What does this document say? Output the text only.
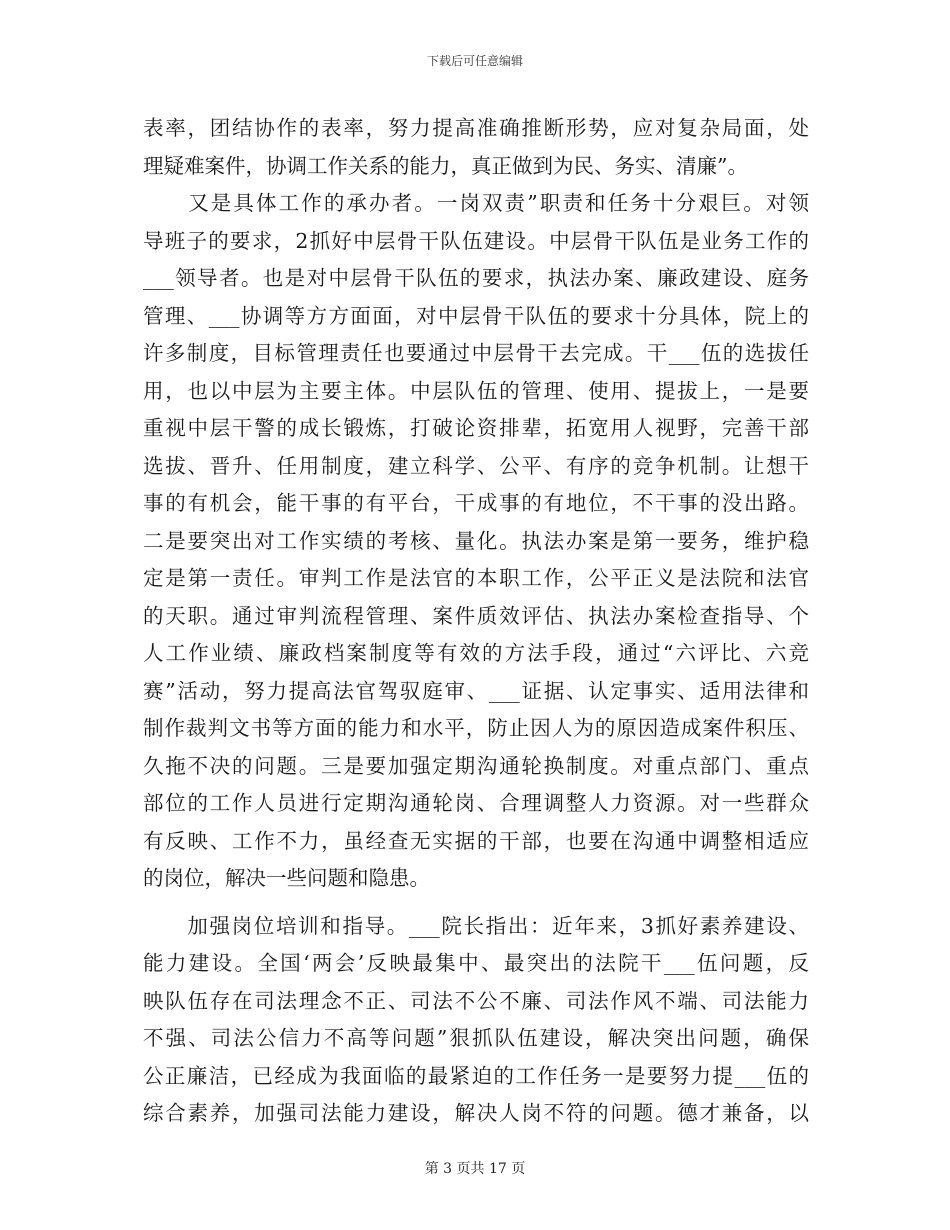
下载后可任意编辑
表率，团结协作的表率，努力提高准确推断形势，应对复杂局面，处
理疑难案件，协调工作关系的能力，真正做到为民、务实、清廉”。
　　又是具体工作的承办者。一岗双责”职责和任务十分艰巨。对领
导班子的要求，2抓好中层骨干队伍建设。中层骨干队伍是业务工作的
___领导者。也是对中层骨干队伍的要求，执法办案、廉政建设、庭务
管理、___协调等方方面面，对中层骨干队伍的要求十分具体，院上的
许多制度，目标管理责任也要通过中层骨干去完成。干___伍的选拔任
用，也以中层为主要主体。中层队伍的管理、使用、提拔上，一是要
重视中层干警的成长锻炼，打破论资排辈，拓宽用人视野，完善干部
选拔、晋升、任用制度，建立科学、公平、有序的竞争机制。让想干
事的有机会，能干事的有平台，干成事的有地位，不干事的没出路。
二是要突出对工作实绩的考核、量化。执法办案是第一要务，维护稳
定是第一责任。审判工作是法官的本职工作，公平正义是法院和法官
的天职。通过审判流程管理、案件质效评估、执法办案检查指导、个
人工作业绩、廉政档案制度等有效的方法手段，通过“六评比、六竞
赛”活动，努力提高法官驾驭庭审、___证据、认定事实、适用法律和
制作裁判文书等方面的能力和水平，防止因人为的原因造成案件积压、
久拖不决的问题。三是要加强定期沟通轮换制度。对重点部门、重点
部位的工作人员进行定期沟通轮岗、合理调整人力资源。对一些群众
有反映、工作不力，虽经查无实据的干部，也要在沟通中调整相适应
的岗位，解决一些问题和隐患。
　　加强岗位培训和指导。___院长指出：近年来，3抓好素养建设、
能力建设。全国‘两会’反映最集中、最突出的法院干___伍问题，反
映队伍存在司法理念不正、司法不公不廉、司法作风不端、司法能力
不强、司法公信力不高等问题”狠抓队伍建设，解决突出问题，确保
公正廉洁，已经成为我面临的最紧迫的工作任务一是要努力提___伍的
综合素养，加强司法能力建设，解决人岗不符的问题。德才兼备，以
第 3 页共 17 页
